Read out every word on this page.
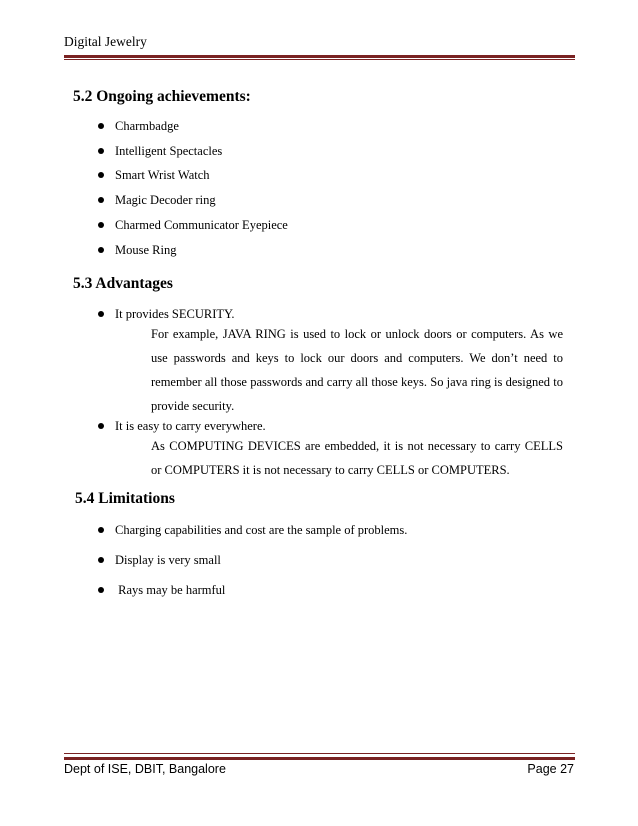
Digital Jewelry
5.2 Ongoing achievements:
Charmbadge
Intelligent Spectacles
Smart Wrist Watch
Magic Decoder ring
Charmed Communicator Eyepiece
Mouse Ring
5.3 Advantages
It provides SECURITY.
For example, JAVA RING is used to lock or unlock doors or computers. As we use passwords and keys to lock our doors and computers. We don’t need to remember all those passwords and carry all those keys. So java ring is designed to provide security.
It is easy to carry everywhere.
As COMPUTING DEVICES are embedded, it is not necessary to carry CELLS or COMPUTERS it is not necessary to carry CELLS or COMPUTERS.
5.4 Limitations
Charging capabilities and cost are the sample of problems.
Display is very small
Rays may be harmful
Dept of ISE, DBIT, Bangalore	Page 27
